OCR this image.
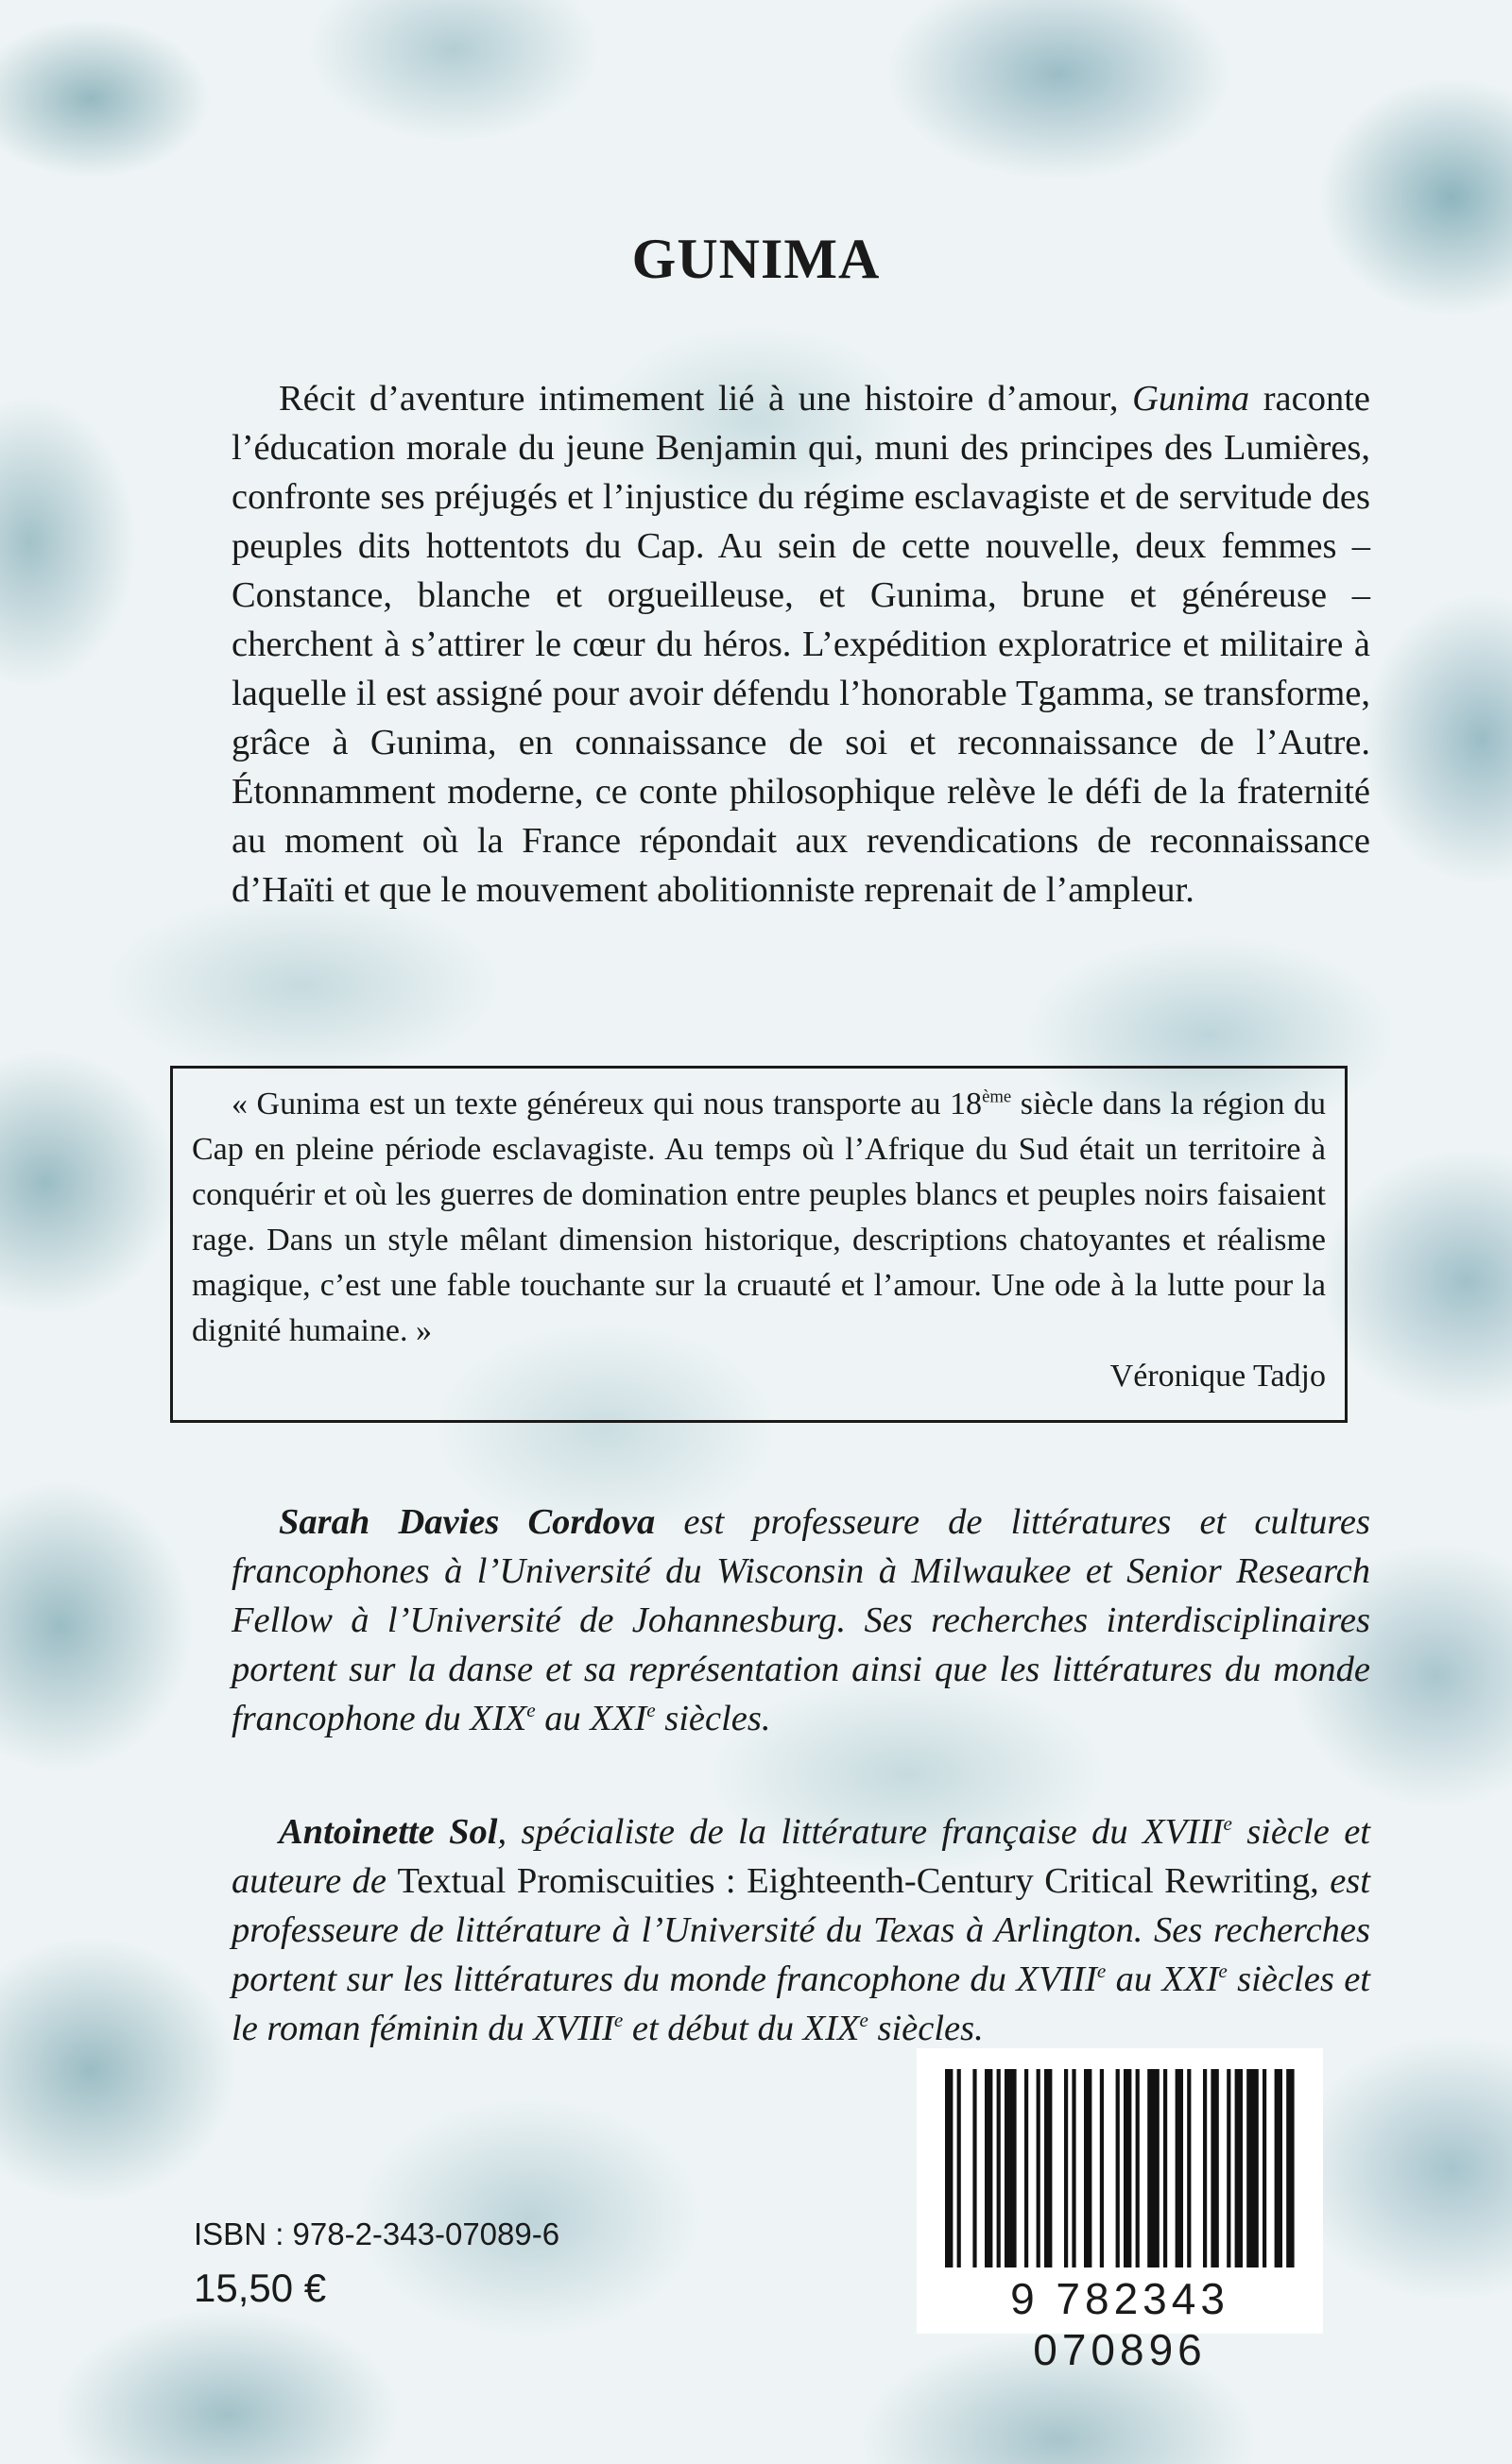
GUNIMA

Récit d’aventure intimement lié à une histoire d’amour, Gunima raconte l’éducation morale du jeune Benjamin qui, muni des principes des Lumières, confronte ses préjugés et l’injustice du régime esclavagiste et de servitude des peuples dits hottentots du Cap. Au sein de cette nouvelle, deux femmes – Constance, blanche et orgueilleuse, et Gunima, brune et généreuse – cherchent à s’attirer le cœur du héros. L’expédition exploratrice et militaire à laquelle il est assigné pour avoir défendu l’honorable Tgamma, se transforme, grâce à Gunima, en connaissance de soi et reconnaissance de l’Autre. Étonnamment moderne, ce conte philosophique relève le défi de la fraternité au moment où la France répondait aux revendications de reconnaissance d’Haïti et que le mouvement abolitionniste reprenait de l’ampleur.

« Gunima est un texte généreux qui nous transporte au 18ème siècle dans la région du Cap en pleine période esclavagiste. Au temps où l’Afrique du Sud était un territoire à conquérir et où les guerres de domination entre peuples blancs et peuples noirs faisaient rage. Dans un style mêlant dimension historique, descriptions chatoyantes et réalisme magique, c’est une fable touchante sur la cruauté et l’amour. Une ode à la lutte pour la dignité humaine. »

Véronique Tadjo

Sarah Davies Cordova est professeure de littératures et cultures francophones à l’Université du Wisconsin à Milwaukee et Senior Research Fellow à l’Université de Johannesburg. Ses recherches interdisciplinaires portent sur la danse et sa représentation ainsi que les littératures du monde francophone du XIXe au XXIe siècles.

Antoinette Sol, spécialiste de la littérature française du XVIIIe siècle et auteure de Textual Promiscuities : Eighteenth-Century Critical Rewriting, est professeure de littérature à l’Université du Texas à Arlington. Ses recherches portent sur les littératures du monde francophone du XVIIIe au XXIe siècles et le roman féminin du XVIIIe et début du XIXe siècles.

ISBN : 978-2-343-07089-6

15,50 €	9 782343 070896
